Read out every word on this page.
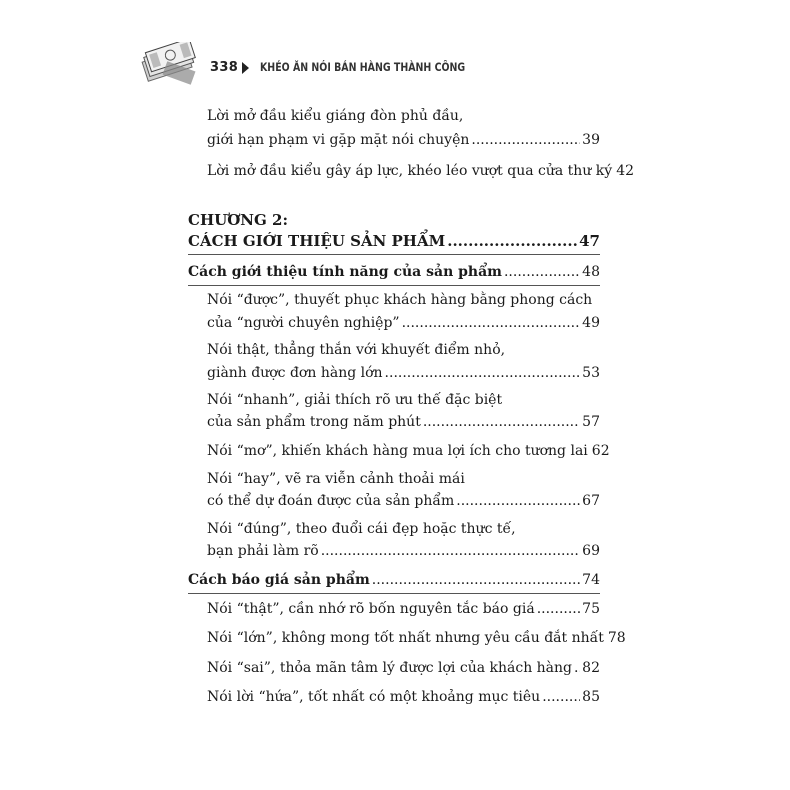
338 KHÉO ĂN NÓI BÁN HÀNG THÀNH CÔNG
Lời mở đầu kiểu giáng đòn phủ đầu,
giới hạn phạm vi gặp mặt nói chuyện .....	39
Lời mở đầu kiểu gây áp lực, khéo léo vượt qua cửa thư ký 42
CHƯƠNG 2:
CÁCH GIỚI THIỆU SẢN PHẨM .....	47
Cách giới thiệu tính năng của sản phẩm .....	48
Nói “được”, thuyết phục khách hàng bằng phong cách
của “người chuyên nghiệp” .....	49
Nói thật, thẳng thắn với khuyết điểm nhỏ,
giành được đơn hàng lớn .....	53
Nói “nhanh”, giải thích rõ ưu thế đặc biệt
của sản phẩm trong năm phút .....	57
Nói “mơ”, khiến khách hàng mua lợi ích cho tương lai 62
Nói “hay”, vẽ ra viễn cảnh thoải mái
có thể dự đoán được của sản phẩm .....	67
Nói “đúng”, theo đuổi cái đẹp hoặc thực tế,
bạn phải làm rõ .....	69
Cách báo giá sản phẩm .....	74
Nói “thật”, cần nhớ rõ bốn nguyên tắc báo giá .....	75
Nói “lớn”, không mong tốt nhất nhưng yêu cầu đắt nhất 78
Nói “sai”, thỏa mãn tâm lý được lợi của khách hàng ..... 82
Nói lời “hứa”, tốt nhất có một khoảng mục tiêu .....	85
